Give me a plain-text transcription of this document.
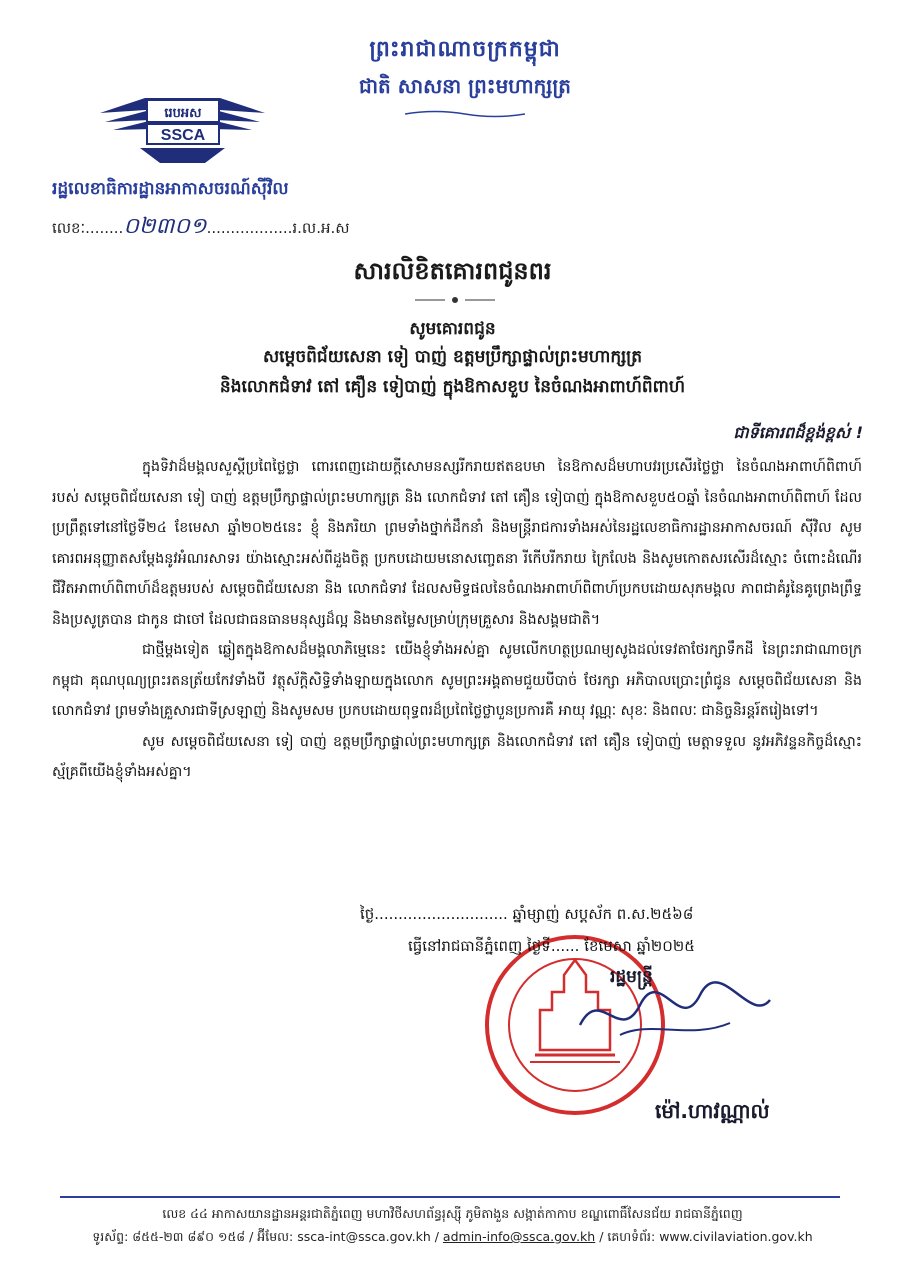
ព្រះរាជាណាចក្រកម្ពុជា
ជាតិ សាសនា ព្រះមហាក្សត្រ
រេបអស
SSCA
រដ្ឋលេខាធិការដ្ឋានអាកាសចរណ៍ស៊ីវិល
លេខៈ........០២៣០១..................រ.ល.អ.ស
សារលិខិតគោរពជូនពរ
សូមគោរពជូន
សម្តេចពិជ័យសេនា ទៀ បាញ់ ឧត្តមប្រឹក្សាផ្ទាល់ព្រះមហាក្សត្រ
និងលោកជំទាវ តៅ គឿន ទៀបាញ់ ក្នុងឱកាសខួប នៃចំណងអាពាហ៍ពិពាហ៍
ជាទីគោរពដ៏ខ្ពង់ខ្ពស់ !

ក្នុងទិវាដ៏មង្គលសួស្តីប្រពៃថ្លៃថ្លា ពោរពេញដោយក្តីសោមនស្សរីករាយឥតឧបមា នៃឱកាសដ៏មហាបវរប្រសើរថ្លៃថ្លា នៃចំណងអាពាហ៍ពិពាហ៍របស់ សម្តេចពិជ័យសេនា ទៀ បាញ់ ឧត្តមប្រឹក្សាផ្ទាល់ព្រះមហាក្សត្រ និង លោកជំទាវ តៅ គឿន ទៀបាញ់ ក្នុងឱកាសខួប៥០ឆ្នាំ នៃចំណងអាពាហ៍ពិពាហ៍ ដែលប្រព្រឹត្តទៅនៅថ្ងៃទី២៤ ខែមេសា ឆ្នាំ២០២៥នេះ ខ្ញុំ និងភរិយា ព្រមទាំងថ្នាក់ដឹកនាំ និងមន្ត្រីរាជការទាំងអស់នៃរដ្ឋលេខាធិការដ្ឋានអាកាសចរណ៍ ស៊ីវិល សូមគោរពអនុញ្ញាតសម្តែងនូវអំណរសាទរ យ៉ាងស្មោះអស់ពីដួងចិត្ត ប្រកបដោយមនោសញ្ចេតនា រីកើបរីករាយ ក្រៃលែង និងសូមកោតសរសើរដ៏ស្មោះ ចំពោះដំណើរជីវិតអាពាហ៍ពិពាហ៍ដ៏ឧត្តមរបស់ សម្តេចពិជ័យសេនា និង លោកជំទាវ ដែលសមិទ្ធផលនៃចំណងអាពាហ៍ពិពាហ៍ប្រកបដោយសុភមង្គល ភាពជាគំរូនៃគូព្រេងព្រឹទ្ធ និងប្រសូត្របាន ជាកូន ជាចៅ ដែលជាធនធានមនុស្សដ៏ល្អ និងមានតម្លៃសម្រាប់ក្រុមគ្រួសារ និងសង្គមជាតិ។

ជាថ្មីម្តងទៀត ឆ្លៀតក្នុងឱកាសដ៏មង្គលាភិម្មេនេះ យើងខ្ញុំទាំងអស់គ្នា សូមលើកហត្ថប្រណម្យសូងដល់ទេវតាថែរក្សាទឹកដី នៃព្រះរាជាណាចក្រកម្ពុជា គុណបុណ្យព្រះរតនត្រ័យកែវទាំងបី វត្ថុស័ក្តិសិទ្ធិទាំងឡាយក្នុងលោក សូមព្រះអង្គតាមជួយបីបាច់ ថែរក្សា អភិបាលប្រោះព្រំជូន សម្តេចពិជ័យសេនា និងលោកជំទាវ ព្រមទាំងគ្រួសារជាទីស្រឡាញ់ និងសូមសម ប្រកបដោយពុទ្ធពរដ៏ប្រពៃថ្លៃថ្លាបួនប្រការគឺ អាយុ វណ្ណៈ សុខៈ និងពលៈ ជានិច្ចនិរន្តរ៍តរៀងទៅ។

សូម សម្តេចពិជ័យសេនា ទៀ បាញ់ ឧត្តមប្រឹក្សាផ្ទាល់ព្រះមហាក្សត្រ និងលោកជំទាវ តៅ គឿន ទៀបាញ់ មេត្តាទទួល នូវអភិវន្ទនកិច្ចដ៏ស្មោះស្ម័គ្រពីយើងខ្ញុំទាំងអស់គ្នា។

ថ្ងៃ............................ ឆ្នាំម្សាញ់ សប្តស័ក ព.ស.២៥៦៨
ធ្វើនៅរាជធានីភ្នំពេញ ថ្ងៃទី...... ខែមេសា ឆ្នាំ២០២៥
រដ្ឋមន្ត្រី
ម៉ៅ.ហាវណ្ណាល់
លេខ ៤៤ អាកាសយានដ្ឋានអន្តរជាតិភ្នំពេញ មហាវិថីសហព័ន្ធរុស្ស៊ី ភូមិតាងួន សង្កាត់កាកាប ខណ្ឌពោធិ៍សែនជ័យ រាជធានីភ្នំពេញ
ទូរស័ព្ទ: ៨៥៥-២៣ ៨៩០ ១៥៨ / អ៊ីមែល: ssca-int@ssca.gov.kh / admin-info@ssca.gov.kh / គេហទំព័រ: www.civilaviation.gov.kh
